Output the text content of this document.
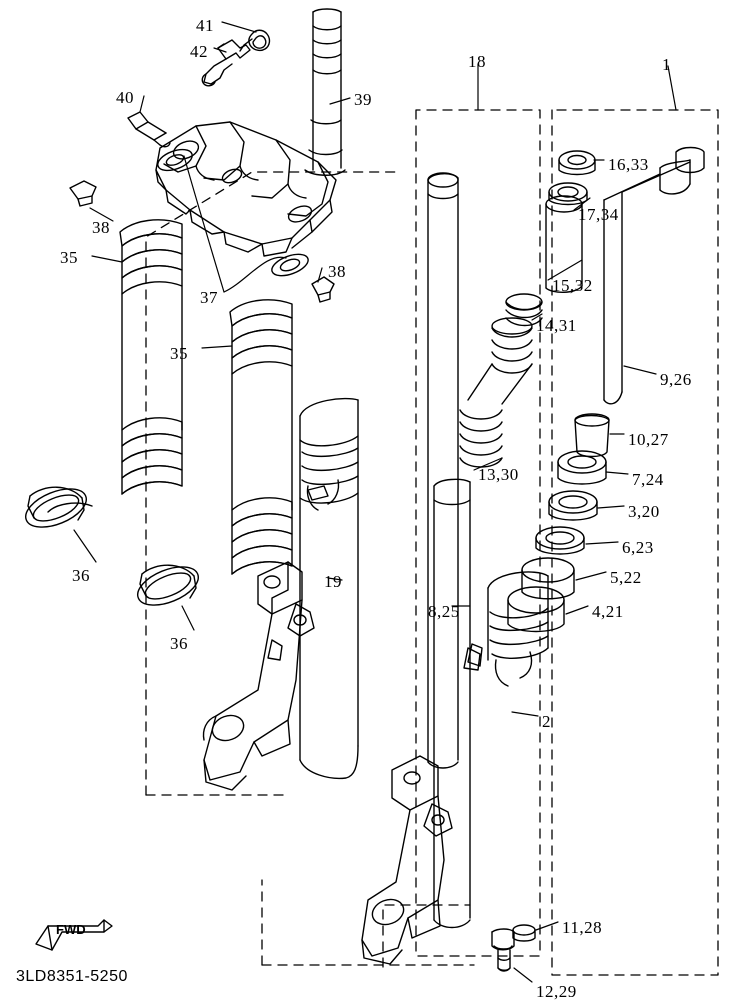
41
42
40	39
18	1
16,33
38
17,34
35
37
38
15,32
14,31
35
9,26
10,27
7,24
13,30
3,20
6,23
36	5,22
19
4,21
8,25
36
2
11,28
12,29
FWD
3LD8351-5250
